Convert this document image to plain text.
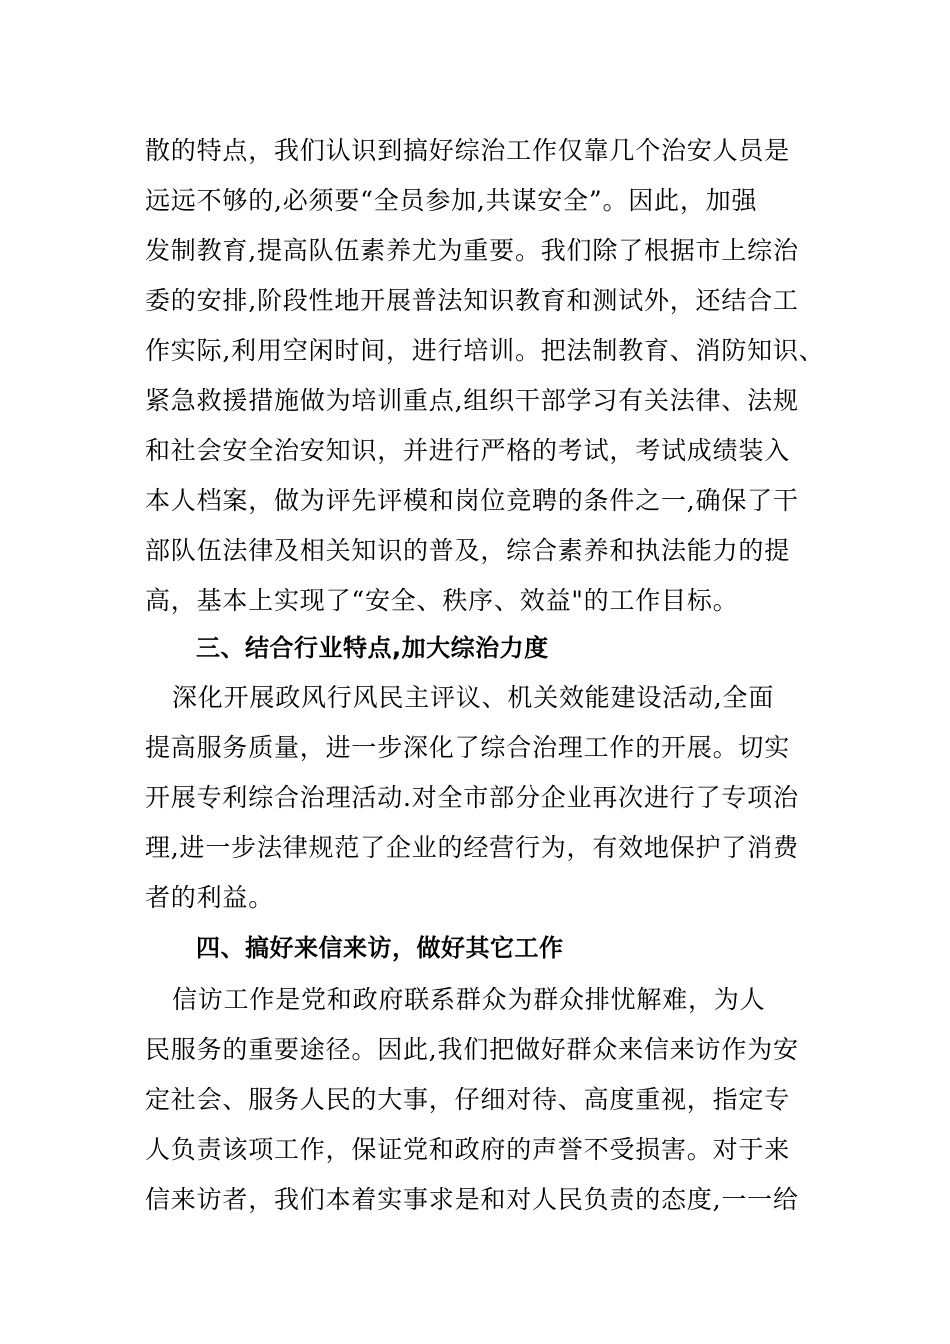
散的特点，我们认识到搞好综治工作仅靠几个治安人员是
远远不够的,必须要“全员参加,共谋安全”。因此，加强
发制教育,提高队伍素养尤为重要。我们除了根据市上综治
委的安排,阶段性地开展普法知识教育和测试外，还结合工
作实际,利用空闲时间，进行培训。把法制教育、消防知识、
紧急救援措施做为培训重点,组织干部学习有关法律、法规
和社会安全治安知识，并进行严格的考试，考试成绩装入
本人档案，做为评先评模和岗位竞聘的条件之一,确保了干
部队伍法律及相关知识的普及，综合素养和执法能力的提
高，基本上实现了“安全、秩序、效益"的工作目标。
三、结合行业特点,加大综治力度
深化开展政风行风民主评议、机关效能建设活动,全面
提高服务质量，进一步深化了综合治理工作的开展。切实
开展专利综合治理活动.对全市部分企业再次进行了专项治
理,进一步法律规范了企业的经营行为，有效地保护了消费
者的利益。
四、搞好来信来访，做好其它工作
信访工作是党和政府联系群众为群众排忧解难，为人
民服务的重要途径。因此,我们把做好群众来信来访作为安
定社会、服务人民的大事，仔细对待、高度重视，指定专
人负责该项工作，保证党和政府的声誉不受损害。对于来
信来访者，我们本着实事求是和对人民负责的态度,一一给
